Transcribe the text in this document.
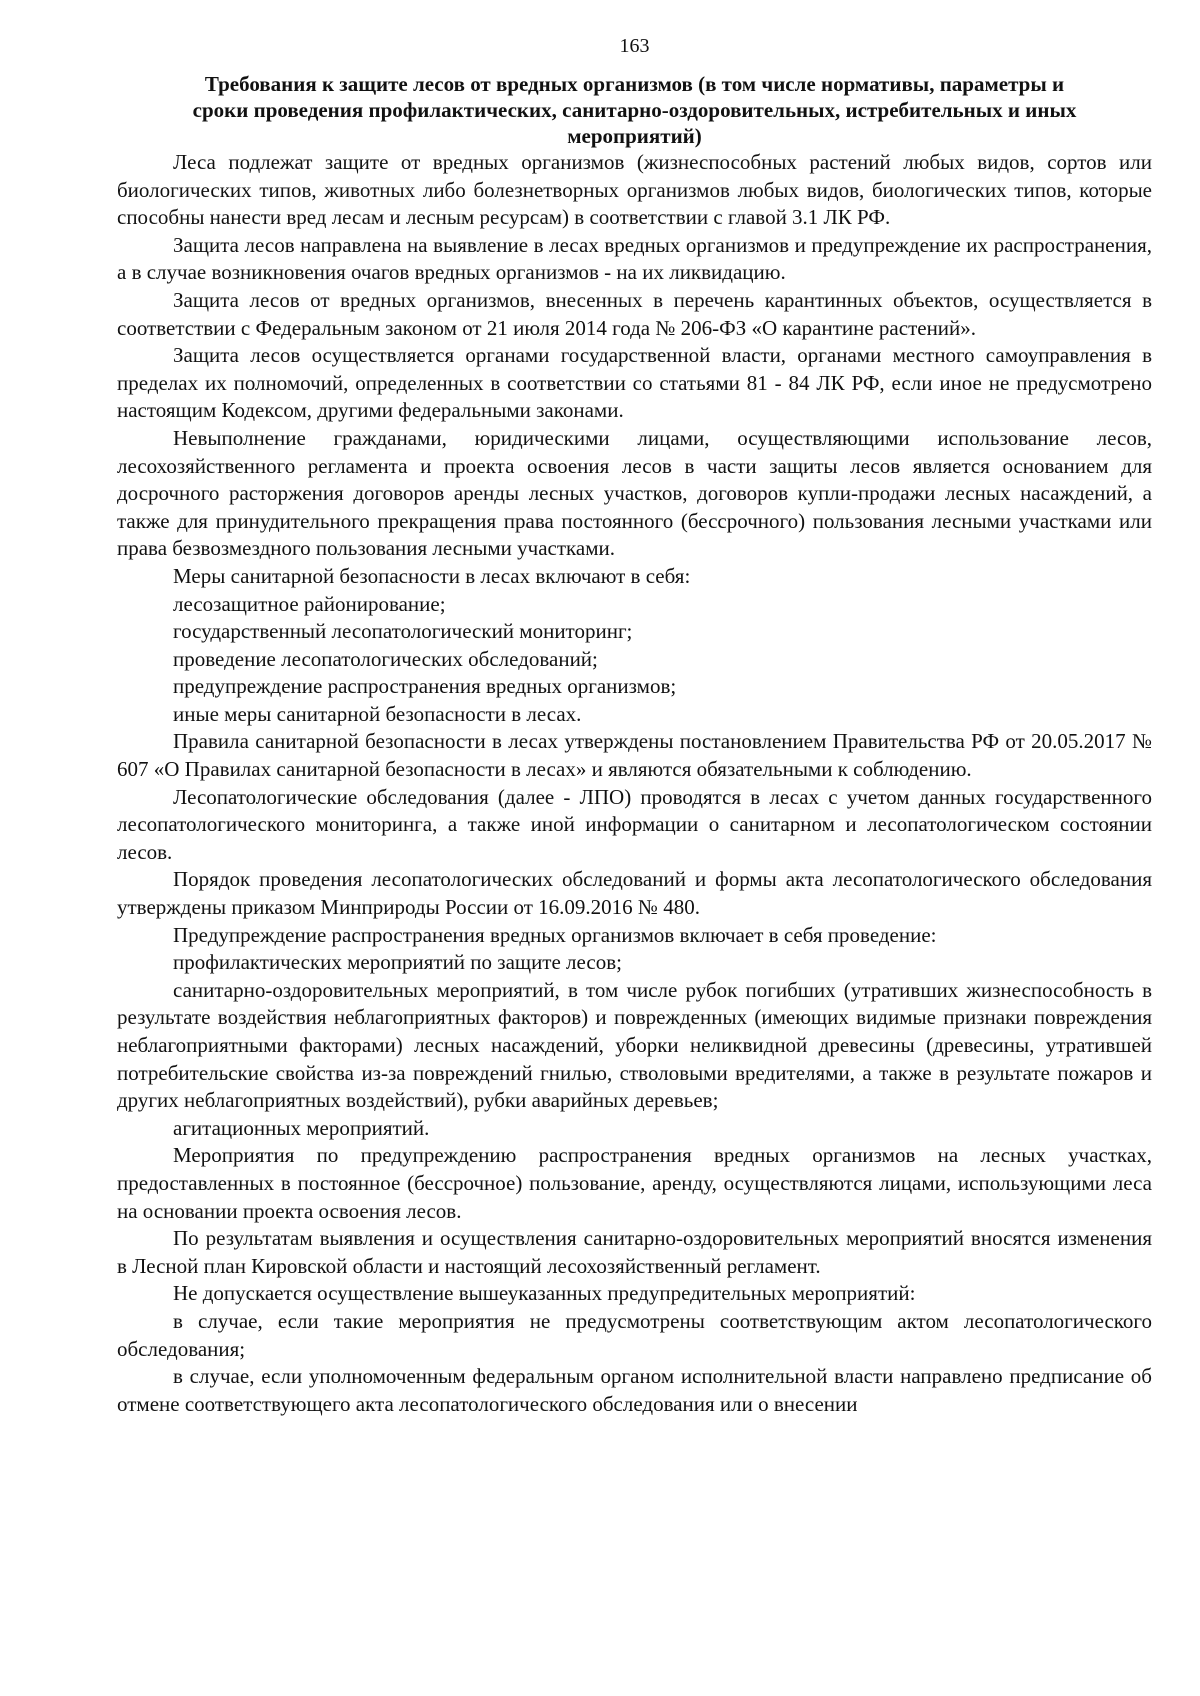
163
Требования к защите лесов от вредных организмов (в том числе нормативы, параметры и
сроки проведения профилактических, санитарно-оздоровительных, истребительных и иных
мероприятий)

Леса подлежат защите от вредных организмов (жизнеспособных растений любых видов, сортов или биологических типов, животных либо болезнетворных организмов любых видов, биологических типов, которые способны нанести вред лесам и лесным ресурсам) в соответствии с главой 3.1 ЛК РФ.

Защита лесов направлена на выявление в лесах вредных организмов и предупреждение их распространения, а в случае возникновения очагов вредных организмов - на их ликвидацию.

Защита лесов от вредных организмов, внесенных в перечень карантинных объектов, осуществляется в соответствии с Федеральным законом от 21 июля 2014 года № 206-ФЗ «О карантине растений».

Защита лесов осуществляется органами государственной власти, органами местного самоуправления в пределах их полномочий, определенных в соответствии со статьями 81 - 84 ЛК РФ, если иное не предусмотрено настоящим Кодексом, другими федеральными законами.

Невыполнение гражданами, юридическими лицами, осуществляющими использование лесов, лесохозяйственного регламента и проекта освоения лесов в части защиты лесов является основанием для досрочного расторжения договоров аренды лесных участков, договоров купли-продажи лесных насаждений, а также для принудительного прекращения права постоянного (бессрочного) пользования лесными участками или права безвозмездного пользования лесными участками.

Меры санитарной безопасности в лесах включают в себя:

лесозащитное районирование;

государственный лесопатологический мониторинг;

проведение лесопатологических обследований;

предупреждение распространения вредных организмов;

иные меры санитарной безопасности в лесах.

Правила санитарной безопасности в лесах утверждены постановлением Правительства РФ от 20.05.2017 № 607 «О Правилах санитарной безопасности в лесах» и являются обязательными к соблюдению.

Лесопатологические обследования (далее - ЛПО) проводятся в лесах с учетом данных государственного лесопатологического мониторинга, а также иной информации о санитарном и лесопатологическом состоянии лесов.

Порядок проведения лесопатологических обследований и формы акта лесопатологического обследования утверждены приказом Минприроды России от 16.09.2016 № 480.

Предупреждение распространения вредных организмов включает в себя проведение:

профилактических мероприятий по защите лесов;

санитарно-оздоровительных мероприятий, в том числе рубок погибших (утративших жизнеспособность в результате воздействия неблагоприятных факторов) и поврежденных (имеющих видимые признаки повреждения неблагоприятными факторами) лесных насаждений, уборки неликвидной древесины (древесины, утратившей потребительские свойства из-за повреждений гнилью, стволовыми вредителями, а также в результате пожаров и других неблагоприятных воздействий), рубки аварийных деревьев;

агитационных мероприятий.

Мероприятия по предупреждению распространения вредных организмов на лесных участках, предоставленных в постоянное (бессрочное) пользование, аренду, осуществляются лицами, использующими леса на основании проекта освоения лесов.

По результатам выявления и осуществления санитарно-оздоровительных мероприятий вносятся изменения в Лесной план Кировской области и настоящий лесохозяйственный регламент.

Не допускается осуществление вышеуказанных предупредительных мероприятий:

в случае, если такие мероприятия не предусмотрены соответствующим актом лесопатологического обследования;

в случае, если уполномоченным федеральным органом исполнительной власти направлено предписание об отмене соответствующего акта лесопатологического обследования или о внесении
